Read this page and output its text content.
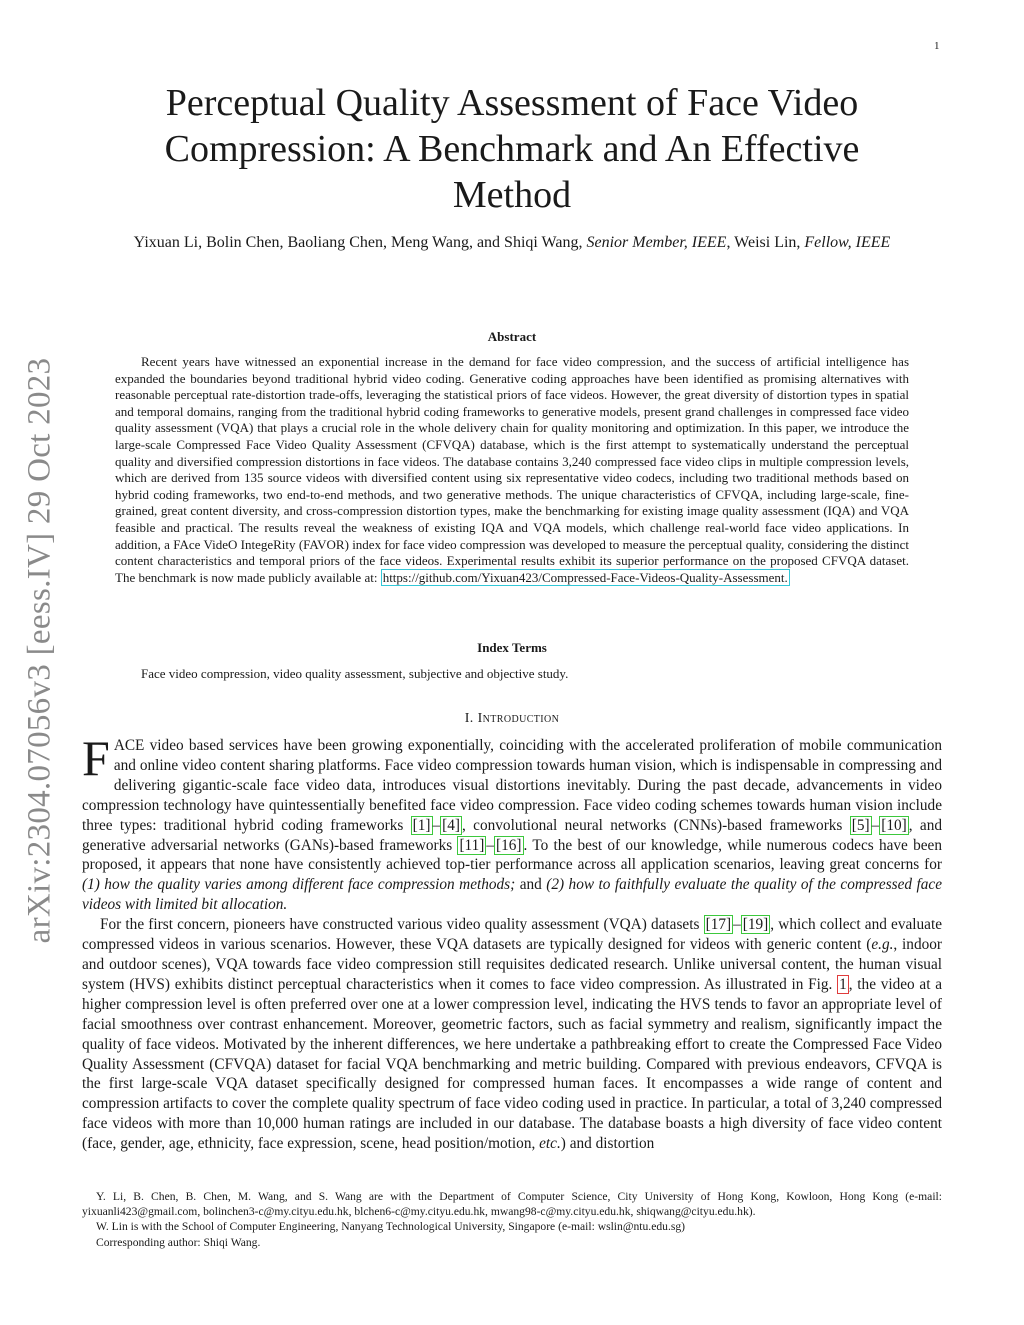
1
arXiv:2304.07056v3 [eess.IV] 29 Oct 2023
Perceptual Quality Assessment of Face Video Compression: A Benchmark and An Effective Method
Yixuan Li, Bolin Chen, Baoliang Chen, Meng Wang, and Shiqi Wang, Senior Member, IEEE, Weisi Lin, Fellow, IEEE
Abstract
Recent years have witnessed an exponential increase in the demand for face video compression, and the success of artificial intelligence has expanded the boundaries beyond traditional hybrid video coding. Generative coding approaches have been identified as promising alternatives with reasonable perceptual rate-distortion trade-offs, leveraging the statistical priors of face videos. However, the great diversity of distortion types in spatial and temporal domains, ranging from the traditional hybrid coding frameworks to generative models, present grand challenges in compressed face video quality assessment (VQA) that plays a crucial role in the whole delivery chain for quality monitoring and optimization. In this paper, we introduce the large-scale Compressed Face Video Quality Assessment (CFVQA) database, which is the first attempt to systematically understand the perceptual quality and diversified compression distortions in face videos. The database contains 3,240 compressed face video clips in multiple compression levels, which are derived from 135 source videos with diversified content using six representative video codecs, including two traditional methods based on hybrid coding frameworks, two end-to-end methods, and two generative methods. The unique characteristics of CFVQA, including large-scale, fine-grained, great content diversity, and cross-compression distortion types, make the benchmarking for existing image quality assessment (IQA) and VQA feasible and practical. The results reveal the weakness of existing IQA and VQA models, which challenge real-world face video applications. In addition, a FAce VideO IntegeRity (FAVOR) index for face video compression was developed to measure the perceptual quality, considering the distinct content characteristics and temporal priors of the face videos. Experimental results exhibit its superior performance on the proposed CFVQA dataset. The benchmark is now made publicly available at: https://github.com/Yixuan423/Compressed-Face-Videos-Quality-Assessment.
Index Terms
Face video compression, video quality assessment, subjective and objective study.
I. Introduction

FACE video based services have been growing exponentially, coinciding with the accelerated proliferation of mobile communication and online video content sharing platforms. Face video compression towards human vision, which is indispensable in compressing and delivering gigantic-scale face video data, introduces visual distortions inevitably. During the past decade, advancements in video compression technology have quintessentially benefited face video compression. Face video coding schemes towards human vision include three types: traditional hybrid coding frameworks [1] – [4] , convolutional neural networks (CNNs)-based frameworks [5] – [10] , and generative adversarial networks (GANs)-based frameworks [11] – [16] . To the best of our knowledge, while numerous codecs have been proposed, it appears that none have consistently achieved top-tier performance across all application scenarios, leaving great concerns for (1) how the quality varies among different face compression methods; and (2) how to faithfully evaluate the quality of the compressed face videos with limited bit allocation.

For the first concern, pioneers have constructed various video quality assessment (VQA) datasets [17] – [19] , which collect and evaluate compressed videos in various scenarios. However, these VQA datasets are typically designed for videos with generic content (e.g., indoor and outdoor scenes), VQA towards face video compression still requisites dedicated research. Unlike universal content, the human visual system (HVS) exhibits distinct perceptual characteristics when it comes to face video compression. As illustrated in Fig. 1 , the video at a higher compression level is often preferred over one at a lower compression level, indicating the HVS tends to favor an appropriate level of facial smoothness over contrast enhancement. Moreover, geometric factors, such as facial symmetry and realism, significantly impact the quality of face videos. Motivated by the inherent differences, we here undertake a pathbreaking effort to create the Compressed Face Video Quality Assessment (CFVQA) dataset for facial VQA benchmarking and metric building. Compared with previous endeavors, CFVQA is the first large-scale VQA dataset specifically designed for compressed human faces. It encompasses a wide range of content and compression artifacts to cover the complete quality spectrum of face video coding used in practice. In particular, a total of 3,240 compressed face videos with more than 10,000 human ratings are included in our database. The database boasts a high diversity of face video content (face, gender, age, ethnicity, face expression, scene, head position/motion, etc.) and distortion

Y. Li, B. Chen, B. Chen, M. Wang, and S. Wang are with the Department of Computer Science, City University of Hong Kong, Kowloon, Hong Kong (e-mail: yixuanli423@gmail.com, bolinchen3-c@my.cityu.edu.hk, blchen6-c@my.cityu.edu.hk, mwang98-c@my.cityu.edu.hk, shiqwang@cityu.edu.hk).

W. Lin is with the School of Computer Engineering, Nanyang Technological University, Singapore (e-mail: wslin@ntu.edu.sg)

Corresponding author: Shiqi Wang.
